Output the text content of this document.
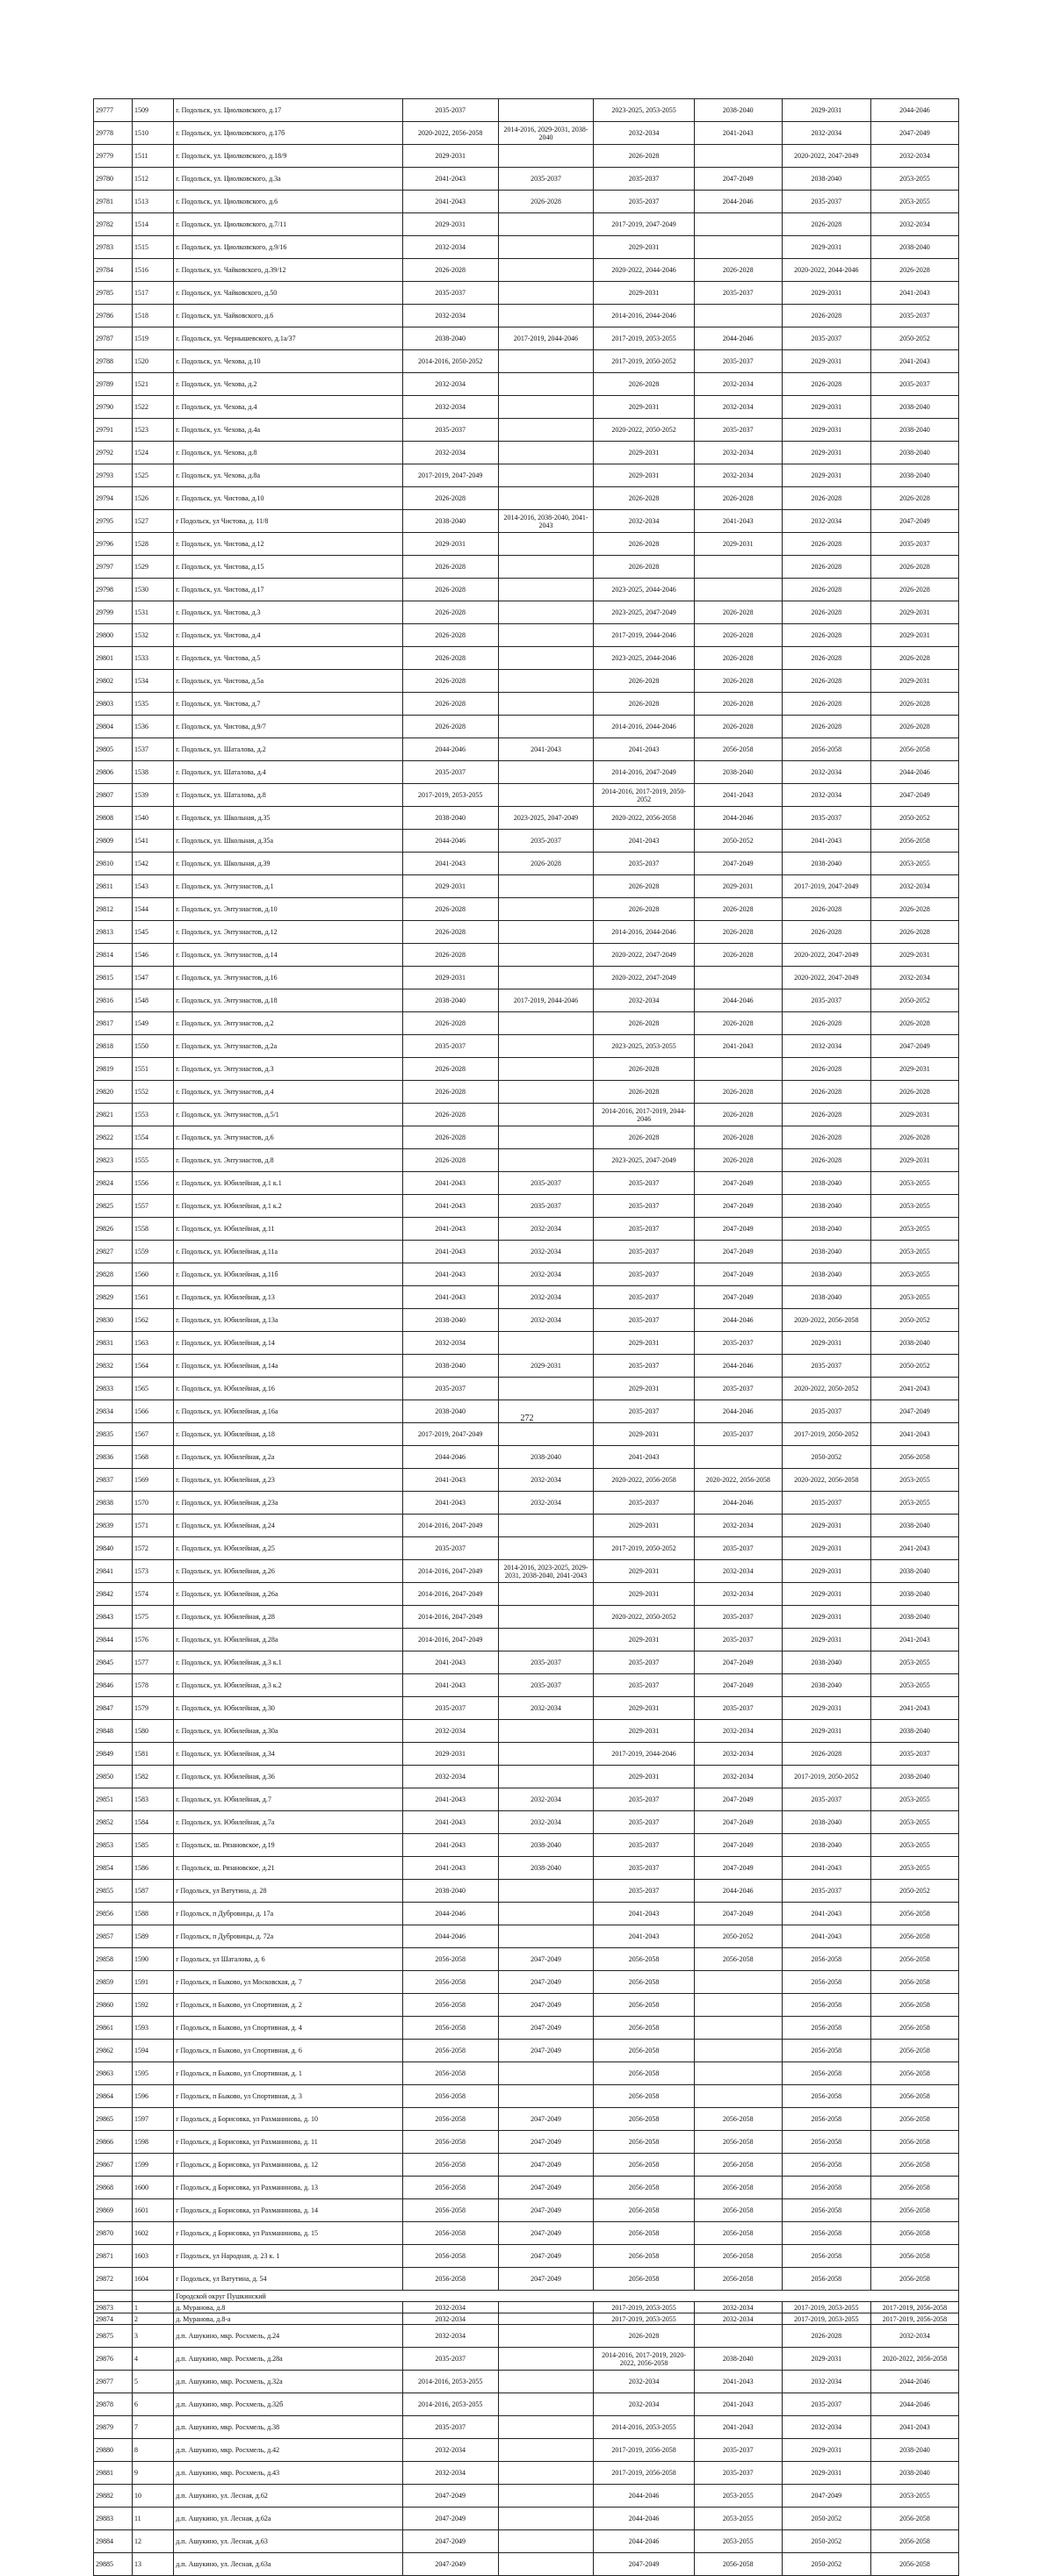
29777	1509	г. Подольск, ул. Циолковского, д.17	2035-2037		2023-2025, 2053-2055	2038-2040	2029-2031	2044-2046
29778	1510	г. Подольск, ул. Циолковского, д.17б	2020-2022, 2056-2058	2014-2016, 2029-2031, 2038-2040	2032-2034	2041-2043	2032-2034	2047-2049
29779	1511	г. Подольск, ул. Циолковского, д.18/9	2029-2031		2026-2028		2020-2022, 2047-2049	2032-2034
29780	1512	г. Подольск, ул. Циолковского, д.3а	2041-2043	2035-2037	2035-2037	2047-2049	2038-2040	2053-2055
29781	1513	г. Подольск, ул. Циолковского, д.6	2041-2043	2026-2028	2035-2037	2044-2046	2035-2037	2053-2055
29782	1514	г. Подольск, ул. Циолковского, д.7/11	2029-2031		2017-2019, 2047-2049		2026-2028	2032-2034
29783	1515	г. Подольск, ул. Циолковского, д.9/16	2032-2034		2029-2031		2029-2031	2038-2040
29784	1516	г. Подольск, ул. Чайковского, д.39/12	2026-2028		2020-2022, 2044-2046	2026-2028	2020-2022, 2044-2046	2026-2028
29785	1517	г. Подольск, ул. Чайковского, д.50	2035-2037		2029-2031	2035-2037	2029-2031	2041-2043
29786	1518	г. Подольск, ул. Чайковского, д.6	2032-2034		2014-2016, 2044-2046		2026-2028	2035-2037
29787	1519	г. Подольск, ул. Чернышевского, д.1а/37	2038-2040	2017-2019, 2044-2046	2017-2019, 2053-2055	2044-2046	2035-2037	2050-2052
29788	1520	г. Подольск, ул. Чехова, д.10	2014-2016, 2050-2052		2017-2019, 2050-2052	2035-2037	2029-2031	2041-2043
29789	1521	г. Подольск, ул. Чехова, д.2	2032-2034		2026-2028	2032-2034	2026-2028	2035-2037
29790	1522	г. Подольск, ул. Чехова, д.4	2032-2034		2029-2031	2032-2034	2029-2031	2038-2040
29791	1523	г. Подольск, ул. Чехова, д.4а	2035-2037		2020-2022, 2050-2052	2035-2037	2029-2031	2038-2040
29792	1524	г. Подольск, ул. Чехова, д.8	2032-2034		2029-2031	2032-2034	2029-2031	2038-2040
29793	1525	г. Подольск, ул. Чехова, д.8а	2017-2019, 2047-2049		2029-2031	2032-2034	2029-2031	2038-2040
29794	1526	г. Подольск, ул. Чистова, д.10	2026-2028		2026-2028	2026-2028	2026-2028	2026-2028
29795	1527	г Подольск, ул Чистова, д. 11/8	2038-2040	2014-2016, 2038-2040, 2041-2043	2032-2034	2041-2043	2032-2034	2047-2049
29796	1528	г. Подольск, ул. Чистова, д.12	2029-2031		2026-2028	2029-2031	2026-2028	2035-2037
29797	1529	г. Подольск, ул. Чистова, д.15	2026-2028		2026-2028		2026-2028	2026-2028
29798	1530	г. Подольск, ул. Чистова, д.17	2026-2028		2023-2025, 2044-2046		2026-2028	2026-2028
29799	1531	г. Подольск, ул. Чистова, д.3	2026-2028		2023-2025, 2047-2049	2026-2028	2026-2028	2029-2031
29800	1532	г. Подольск, ул. Чистова, д.4	2026-2028		2017-2019, 2044-2046	2026-2028	2026-2028	2029-2031
29801	1533	г. Подольск, ул. Чистова, д.5	2026-2028		2023-2025, 2044-2046	2026-2028	2026-2028	2026-2028
29802	1534	г. Подольск, ул. Чистова, д.5а	2026-2028		2026-2028	2026-2028	2026-2028	2029-2031
29803	1535	г. Подольск, ул. Чистова, д.7	2026-2028		2026-2028	2026-2028	2026-2028	2026-2028
29804	1536	г. Подольск, ул. Чистова, д.9/7	2026-2028		2014-2016, 2044-2046	2026-2028	2026-2028	2026-2028
29805	1537	г. Подольск, ул. Шаталова, д.2	2044-2046	2041-2043	2041-2043	2056-2058	2056-2058	2056-2058
29806	1538	г. Подольск, ул. Шаталова, д.4	2035-2037		2014-2016, 2047-2049	2038-2040	2032-2034	2044-2046
29807	1539	г. Подольск, ул. Шаталова, д.8	2017-2019, 2053-2055		2014-2016, 2017-2019, 2050-2052	2041-2043	2032-2034	2047-2049
29808	1540	г. Подольск, ул. Школьная, д.35	2038-2040	2023-2025, 2047-2049	2020-2022, 2056-2058	2044-2046	2035-2037	2050-2052
29809	1541	г. Подольск, ул. Школьная, д.35а	2044-2046	2035-2037	2041-2043	2050-2052	2041-2043	2056-2058
29810	1542	г. Подольск, ул. Школьная, д.39	2041-2043	2026-2028	2035-2037	2047-2049	2038-2040	2053-2055
29811	1543	г. Подольск, ул. Энтузиастов, д.1	2029-2031		2026-2028	2029-2031	2017-2019, 2047-2049	2032-2034
29812	1544	г. Подольск, ул. Энтузиастов, д.10	2026-2028		2026-2028	2026-2028	2026-2028	2026-2028
29813	1545	г. Подольск, ул. Энтузиастов, д.12	2026-2028		2014-2016, 2044-2046	2026-2028	2026-2028	2026-2028
29814	1546	г. Подольск, ул. Энтузиастов, д.14	2026-2028		2020-2022, 2047-2049	2026-2028	2020-2022, 2047-2049	2029-2031
29815	1547	г. Подольск, ул. Энтузиастов, д.16	2029-2031		2020-2022, 2047-2049		2020-2022, 2047-2049	2032-2034
29816	1548	г. Подольск, ул. Энтузиастов, д.18	2038-2040	2017-2019, 2044-2046	2032-2034	2044-2046	2035-2037	2050-2052
29817	1549	г. Подольск, ул. Энтузиастов, д.2	2026-2028		2026-2028	2026-2028	2026-2028	2026-2028
29818	1550	г. Подольск, ул. Энтузиастов, д.2а	2035-2037		2023-2025, 2053-2055	2041-2043	2032-2034	2047-2049
29819	1551	г. Подольск, ул. Энтузиастов, д.3	2026-2028		2026-2028		2026-2028	2029-2031
29820	1552	г. Подольск, ул. Энтузиастов, д.4	2026-2028		2026-2028	2026-2028	2026-2028	2026-2028
29821	1553	г. Подольск, ул. Энтузиастов, д.5/1	2026-2028		2014-2016, 2017-2019, 2044-2046	2026-2028	2026-2028	2029-2031
29822	1554	г. Подольск, ул. Энтузиастов, д.6	2026-2028		2026-2028	2026-2028	2026-2028	2026-2028
29823	1555	г. Подольск, ул. Энтузиастов, д.8	2026-2028		2023-2025, 2047-2049	2026-2028	2026-2028	2029-2031
29824	1556	г. Подольск, ул. Юбилейная, д.1 к.1	2041-2043	2035-2037	2035-2037	2047-2049	2038-2040	2053-2055
29825	1557	г. Подольск, ул. Юбилейная, д.1 к.2	2041-2043	2035-2037	2035-2037	2047-2049	2038-2040	2053-2055
29826	1558	г. Подольск, ул. Юбилейная, д.11	2041-2043	2032-2034	2035-2037	2047-2049	2038-2040	2053-2055
29827	1559	г. Подольск, ул. Юбилейная, д.11а	2041-2043	2032-2034	2035-2037	2047-2049	2038-2040	2053-2055
29828	1560	г. Подольск, ул. Юбилейная, д.11б	2041-2043	2032-2034	2035-2037	2047-2049	2038-2040	2053-2055
29829	1561	г. Подольск, ул. Юбилейная, д.13	2041-2043	2032-2034	2035-2037	2047-2049	2038-2040	2053-2055
29830	1562	г. Подольск, ул. Юбилейная, д.13а	2038-2040	2032-2034	2035-2037	2044-2046	2020-2022, 2056-2058	2050-2052
29831	1563	г. Подольск, ул. Юбилейная, д.14	2032-2034		2029-2031	2035-2037	2029-2031	2038-2040
29832	1564	г. Подольск, ул. Юбилейная, д.14а	2038-2040	2029-2031	2035-2037	2044-2046	2035-2037	2050-2052
29833	1565	г. Подольск, ул. Юбилейная, д.16	2035-2037		2029-2031	2035-2037	2020-2022, 2050-2052	2041-2043
29834	1566	г. Подольск, ул. Юбилейная, д.16а	2038-2040		2035-2037	2044-2046	2035-2037	2047-2049
29835	1567	г. Подольск, ул. Юбилейная, д.18	2017-2019, 2047-2049		2029-2031	2035-2037	2017-2019, 2050-2052	2041-2043
29836	1568	г. Подольск, ул. Юбилейная, д.2а	2044-2046	2038-2040	2041-2043		2050-2052	2056-2058
29837	1569	г. Подольск, ул. Юбилейная, д.23	2041-2043	2032-2034	2020-2022, 2056-2058	2020-2022, 2056-2058	2020-2022, 2056-2058	2053-2055
29838	1570	г. Подольск, ул. Юбилейная, д.23а	2041-2043	2032-2034	2035-2037	2044-2046	2035-2037	2053-2055
29839	1571	г. Подольск, ул. Юбилейная, д.24	2014-2016, 2047-2049		2029-2031	2032-2034	2029-2031	2038-2040
29840	1572	г. Подольск, ул. Юбилейная, д.25	2035-2037		2017-2019, 2050-2052	2035-2037	2029-2031	2041-2043
29841	1573	г. Подольск, ул. Юбилейная, д.26	2014-2016, 2047-2049	2014-2016, 2023-2025, 2029-2031, 2038-2040, 2041-2043	2029-2031	2032-2034	2029-2031	2038-2040
29842	1574	г. Подольск, ул. Юбилейная, д.26а	2014-2016, 2047-2049		2029-2031	2032-2034	2029-2031	2038-2040
29843	1575	г. Подольск, ул. Юбилейная, д.28	2014-2016, 2047-2049		2020-2022, 2050-2052	2035-2037	2029-2031	2038-2040
29844	1576	г. Подольск, ул. Юбилейная, д.28а	2014-2016, 2047-2049		2029-2031	2035-2037	2029-2031	2041-2043
29845	1577	г. Подольск, ул. Юбилейная, д.3 к.1	2041-2043	2035-2037	2035-2037	2047-2049	2038-2040	2053-2055
29846	1578	г. Подольск, ул. Юбилейная, д.3 к.2	2041-2043	2035-2037	2035-2037	2047-2049	2038-2040	2053-2055
29847	1579	г. Подольск, ул. Юбилейная, д.30	2035-2037	2032-2034	2029-2031	2035-2037	2029-2031	2041-2043
29848	1580	г. Подольск, ул. Юбилейная, д.30а	2032-2034		2029-2031	2032-2034	2029-2031	2038-2040
29849	1581	г. Подольск, ул. Юбилейная, д.34	2029-2031		2017-2019, 2044-2046	2032-2034	2026-2028	2035-2037
29850	1582	г. Подольск, ул. Юбилейная, д.36	2032-2034		2029-2031	2032-2034	2017-2019, 2050-2052	2038-2040
29851	1583	г. Подольск, ул. Юбилейная, д.7	2041-2043	2032-2034	2035-2037	2047-2049	2035-2037	2053-2055
29852	1584	г. Подольск, ул. Юбилейная, д.7а	2041-2043	2032-2034	2035-2037	2047-2049	2038-2040	2053-2055
29853	1585	г. Подольск, ш. Рязановское, д.19	2041-2043	2038-2040	2035-2037	2047-2049	2038-2040	2053-2055
29854	1586	г. Подольск, ш. Рязановское, д.21	2041-2043	2038-2040	2035-2037	2047-2049	2041-2043	2053-2055
29855	1587	г Подольск, ул Ватутина, д. 28	2038-2040		2035-2037	2044-2046	2035-2037	2050-2052
29856	1588	г Подольск, п Дубровицы, д. 17а	2044-2046		2041-2043	2047-2049	2041-2043	2056-2058
29857	1589	г Подольск, п Дубровицы, д. 72а	2044-2046		2041-2043	2050-2052	2041-2043	2056-2058
29858	1590	г Подольск, ул Шаталова, д. 6	2056-2058	2047-2049	2056-2058	2056-2058	2056-2058	2056-2058
29859	1591	г Подольск, п Быково, ул Московская, д. 7	2056-2058	2047-2049	2056-2058		2056-2058	2056-2058
29860	1592	г Подольск, п Быково, ул Спортивная, д. 2	2056-2058	2047-2049	2056-2058		2056-2058	2056-2058
29861	1593	г Подольск, п Быково, ул Спортивная, д. 4	2056-2058	2047-2049	2056-2058		2056-2058	2056-2058
29862	1594	г Подольск, п Быково, ул Спортивная, д. 6	2056-2058	2047-2049	2056-2058		2056-2058	2056-2058
29863	1595	г Подольск, п Быково, ул Спортивная, д. 1	2056-2058		2056-2058		2056-2058	2056-2058
29864	1596	г Подольск, п Быково, ул Спортивная, д. 3	2056-2058		2056-2058		2056-2058	2056-2058
29865	1597	г Подольск, д Борисовка, ул Рахманинова, д. 10	2056-2058	2047-2049	2056-2058	2056-2058	2056-2058	2056-2058
29866	1598	г Подольск, д Борисовка, ул Рахманинова, д. 11	2056-2058	2047-2049	2056-2058	2056-2058	2056-2058	2056-2058
29867	1599	г Подольск, д Борисовка, ул Рахманинова, д. 12	2056-2058	2047-2049	2056-2058	2056-2058	2056-2058	2056-2058
29868	1600	г Подольск, д Борисовка, ул Рахманинова, д. 13	2056-2058	2047-2049	2056-2058	2056-2058	2056-2058	2056-2058
29869	1601	г Подольск, д Борисовка, ул Рахманинова, д. 14	2056-2058	2047-2049	2056-2058	2056-2058	2056-2058	2056-2058
29870	1602	г Подольск, д Борисовка, ул Рахманинова, д. 15	2056-2058	2047-2049	2056-2058	2056-2058	2056-2058	2056-2058
29871	1603	г Подольск, ул Народная, д. 23 к. 1	2056-2058	2047-2049	2056-2058	2056-2058	2056-2058	2056-2058
29872	1604	г Подольск, ул Ватутина, д. 54	2056-2058	2047-2049	2056-2058	2056-2058	2056-2058	2056-2058
		Городской округ Пушкинский						
29873	1	д. Муранова, д.8	2032-2034		2017-2019, 2053-2055	2032-2034	2017-2019, 2053-2055	2017-2019, 2056-2058
29874	2	д. Муранова, д.8-а	2032-2034		2017-2019, 2053-2055	2032-2034	2017-2019, 2053-2055	2017-2019, 2056-2058
29875	3	д.п. Ашукино, мкр. Росхмель, д.24	2032-2034		2026-2028		2026-2028	2032-2034
29876	4	д.п. Ашукино, мкр. Росхмель, д.28а	2035-2037		2014-2016, 2017-2019, 2020-2022, 2056-2058	2038-2040	2029-2031	2020-2022, 2056-2058
29877	5	д.п. Ашукино, мкр. Росхмель, д.32а	2014-2016, 2053-2055		2032-2034	2041-2043	2032-2034	2044-2046
29878	6	д.п. Ашукино, мкр. Росхмель, д.32б	2014-2016, 2053-2055		2032-2034	2041-2043	2035-2037	2044-2046
29879	7	д.п. Ашукино, мкр. Росхмель, д.38	2035-2037		2014-2016, 2053-2055	2041-2043	2032-2034	2041-2043
29880	8	д.п. Ашукино, мкр. Росхмель, д.42	2032-2034		2017-2019, 2056-2058	2035-2037	2029-2031	2038-2040
29881	9	д.п. Ашукино, мкр. Росхмель, д.43	2032-2034		2017-2019, 2056-2058	2035-2037	2029-2031	2038-2040
29882	10	д.п. Ашукино, ул. Лесная, д.62	2047-2049		2044-2046	2053-2055	2047-2049	2053-2055
29883	11	д.п. Ашукино, ул. Лесная, д.62а	2047-2049		2044-2046	2053-2055	2050-2052	2056-2058
29884	12	д.п. Ашукино, ул. Лесная, д.63	2047-2049		2044-2046	2053-2055	2050-2052	2056-2058
29885	13	д.п. Ашукино, ул. Лесная, д.63а	2047-2049		2047-2049	2056-2058	2050-2052	2056-2058
272
